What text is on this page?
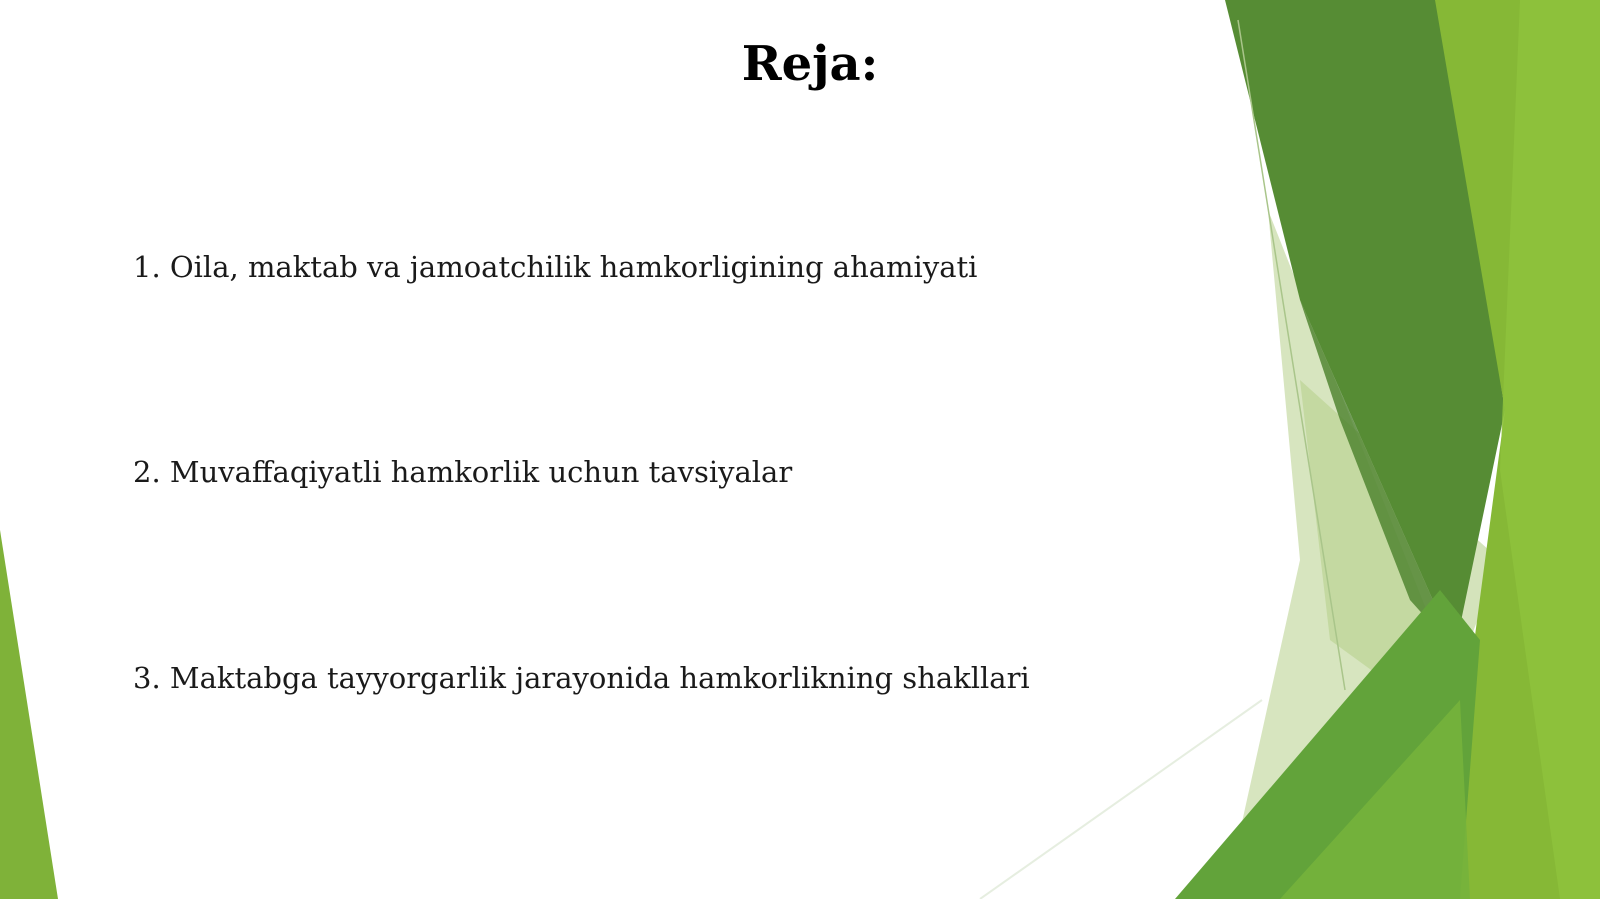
Reja:

1. Oila, maktab va jamoatchilik hamkorligining ahamiyati

2. Muvaffaqiyatli hamkorlik uchun tavsiyalar

3. Maktabga tayyorgarlik jarayonida hamkorlikning shakllari
